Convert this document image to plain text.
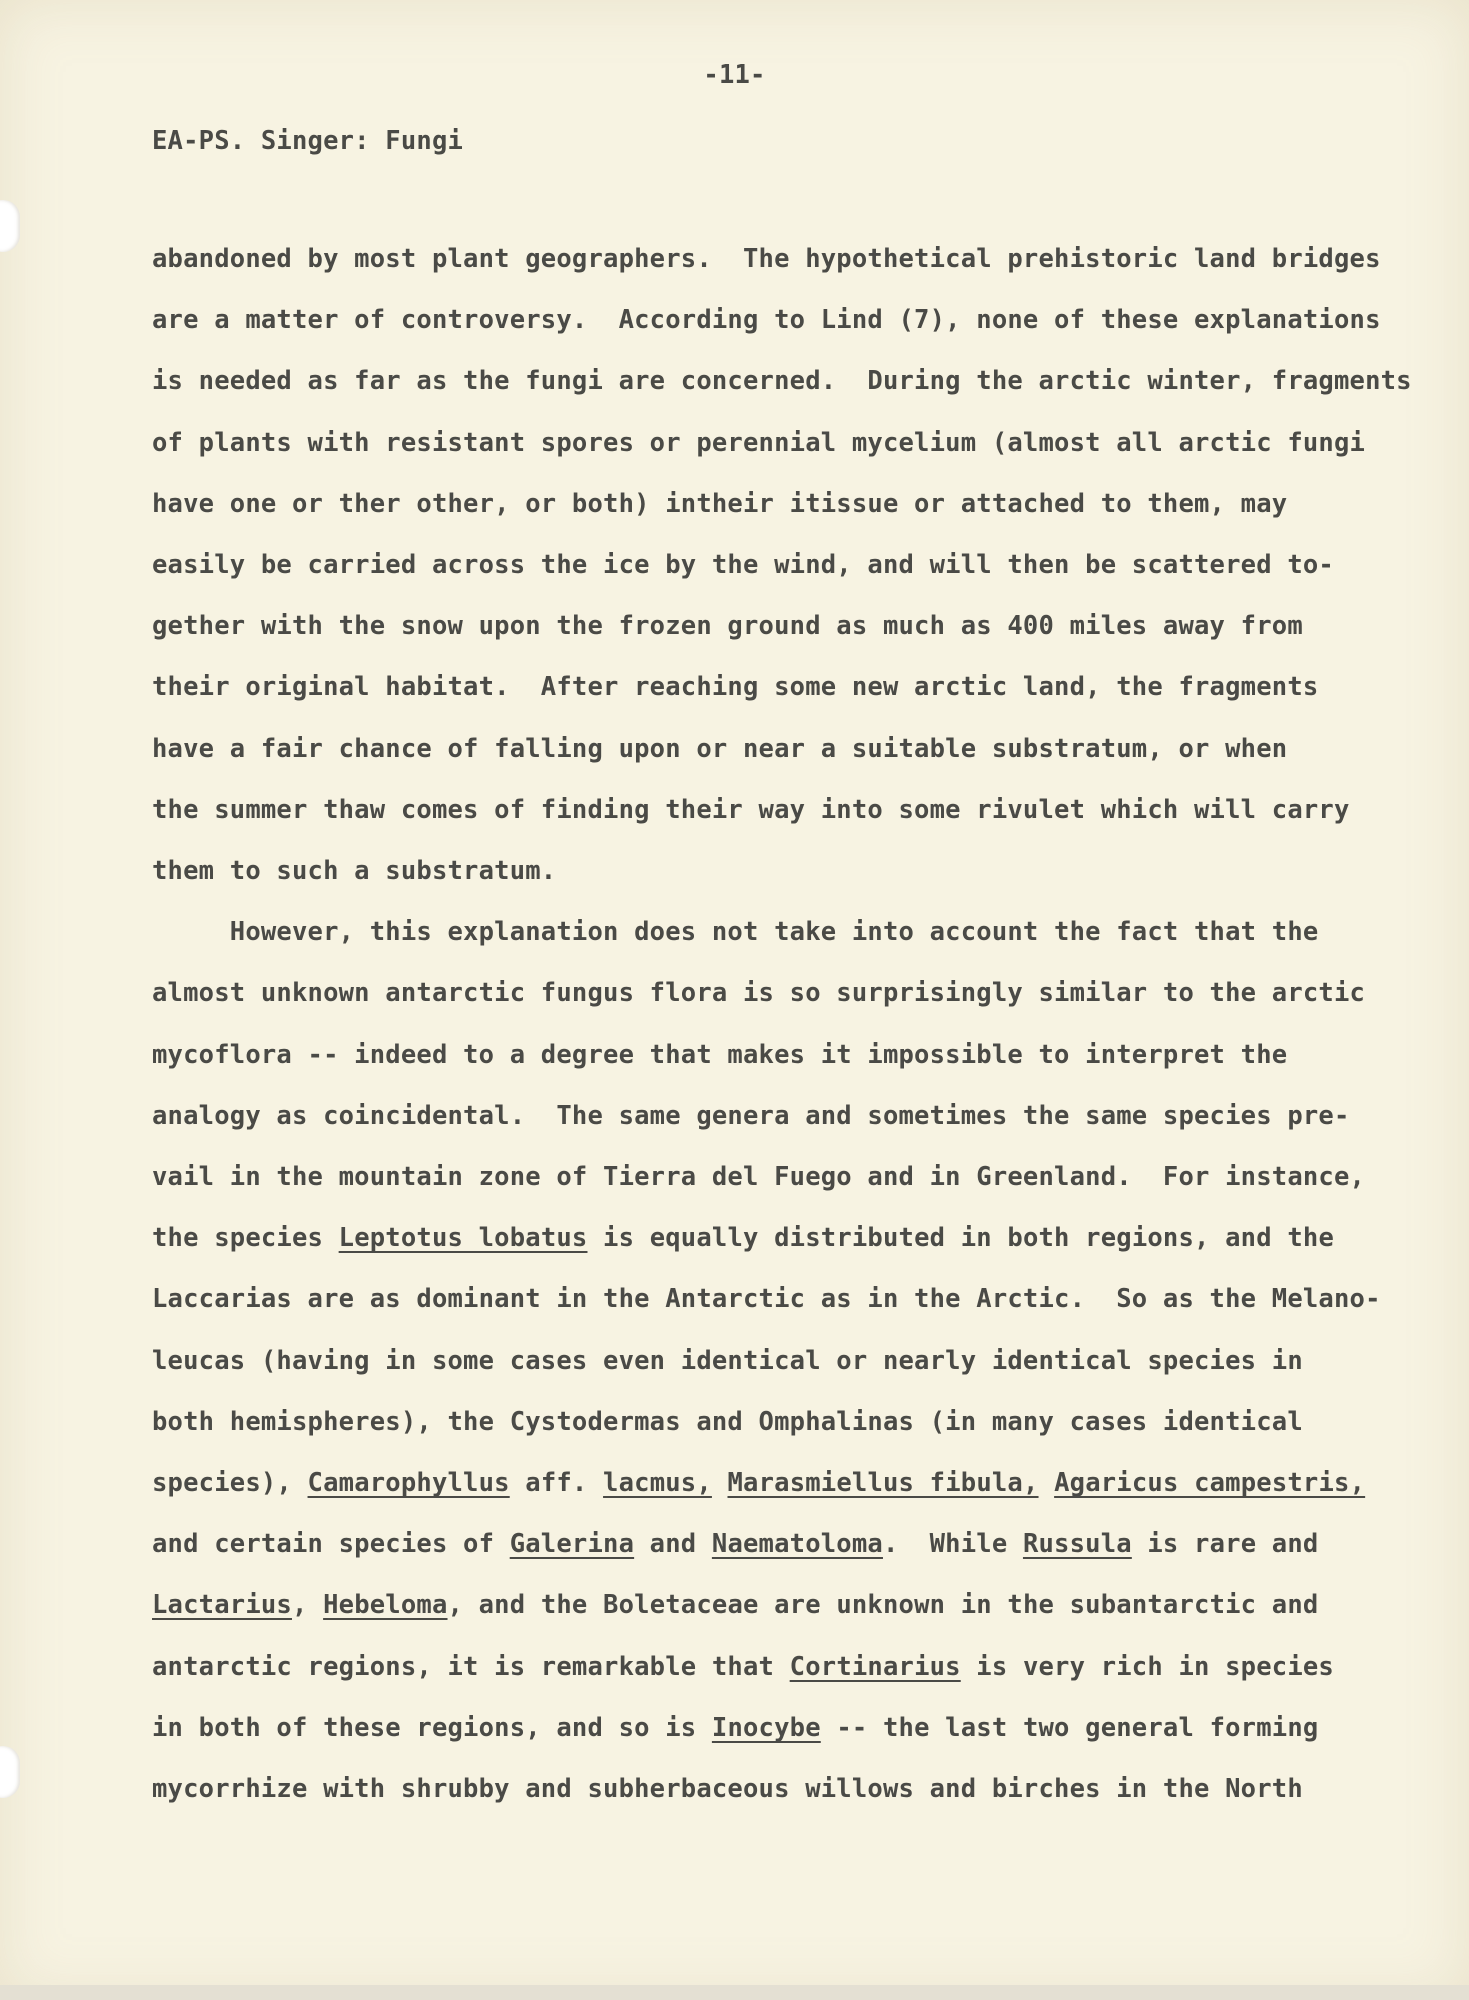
-11-
EA-PS. Singer: Fungi
abandoned by most plant geographers.  The hypothetical prehistoric land bridges
are a matter of controversy.  According to Lind (7), none of these explanations
is needed as far as the fungi are concerned.  During the arctic winter, fragments
of plants with resistant spores or perennial mycelium (almost all arctic fungi
have one or ther other, or both) intheir itissue or attached to them, may
easily be carried across the ice by the wind, and will then be scattered to-
gether with the snow upon the frozen ground as much as 400 miles away from
their original habitat.  After reaching some new arctic land, the fragments
have a fair chance of falling upon or near a suitable substratum, or when
the summer thaw comes of finding their way into some rivulet which will carry
them to such a substratum.
However, this explanation does not take into account the fact that the
almost unknown antarctic fungus flora is so surprisingly similar to the arctic
mycoflora -- indeed to a degree that makes it impossible to interpret the
analogy as coincidental.  The same genera and sometimes the same species pre-
vail in the mountain zone of Tierra del Fuego and in Greenland.  For instance,
the species Leptotus lobatus is equally distributed in both regions, and the
Laccarias are as dominant in the Antarctic as in the Arctic.  So as the Melano-
leucas (having in some cases even identical or nearly identical species in
both hemispheres), the Cystodermas and Omphalinas (in many cases identical
species), Camarophyllus aff. lacmus, Marasmiellus fibula, Agaricus campestris,
and certain species of Galerina and Naematoloma.  While Russula is rare and
Lactarius, Hebeloma, and the Boletaceae are unknown in the subantarctic and
antarctic regions, it is remarkable that Cortinarius is very rich in species
in both of these regions, and so is Inocybe -- the last two general forming
mycorrhize with shrubby and subherbaceous willows and birches in the North
